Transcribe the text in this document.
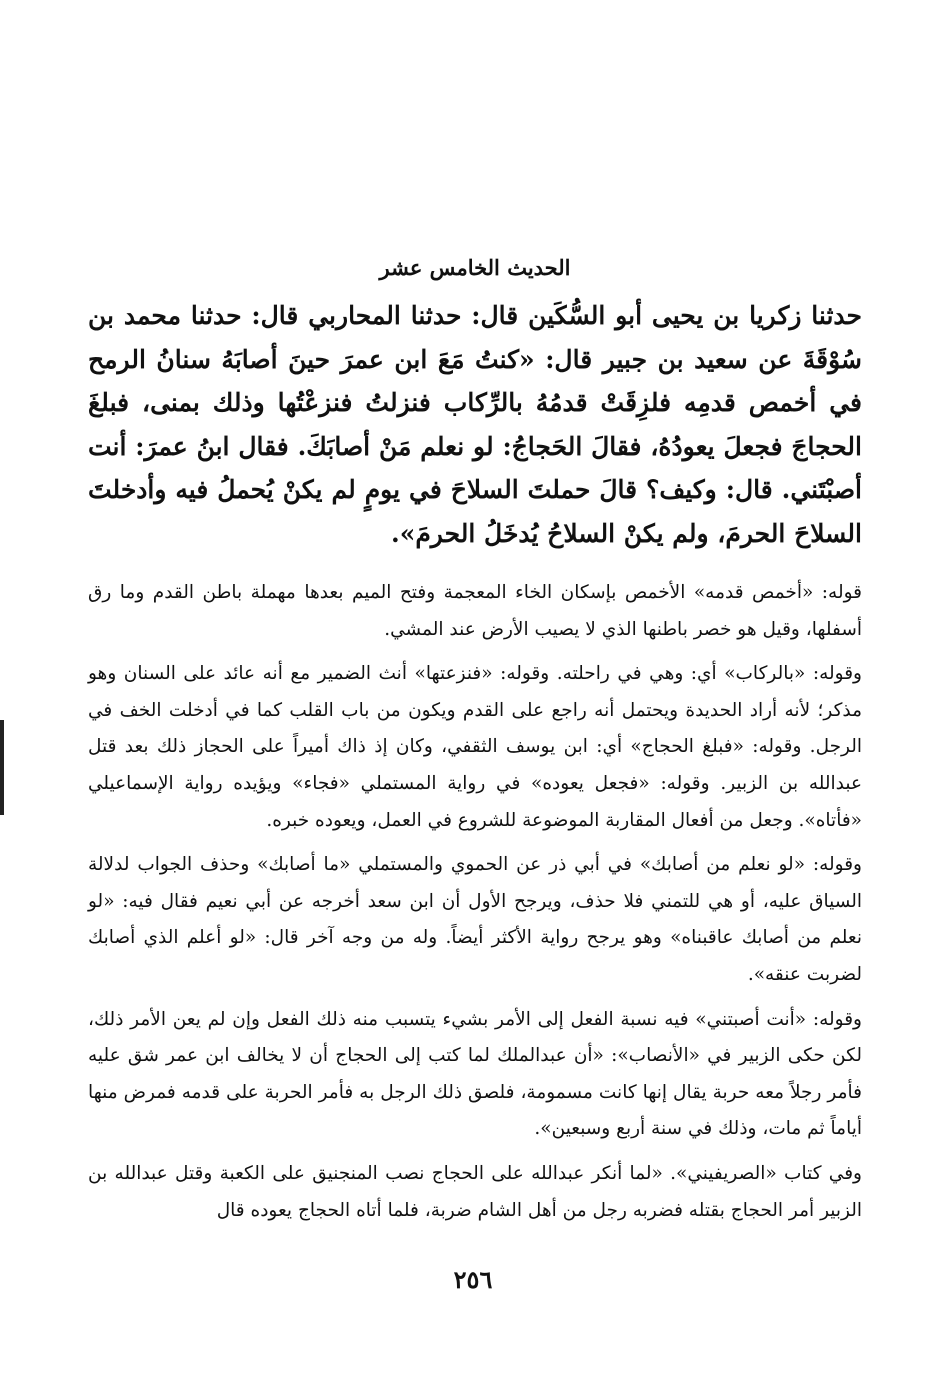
الحديث الخامس عشر

حدثنا زكريا بن يحيى أبو السُّكَين قال: حدثنا المحاربي قال: حدثنا محمد بن سُوْقَةَ عن سعيد بن جبير قال: «كنتُ مَعَ ابن عمرَ حينَ أصابَهُ سنانُ الرمح في أخمص قدمِه فلزِقَتْ قدمُهُ بالرِّكاب فنزلتُ فنزعْتُها وذلك بمنى، فبلغَ الحجاجَ فجعلَ يعودُهُ، فقالَ الحَجاجُ: لو نعلم مَنْ أصابَكَ. فقال ابنُ عمرَ: أنت أصبْتَني. قال: وكيف؟ قالَ حملتَ السلاحَ في يومٍ لم يكنْ يُحملُ فيه وأدخلتَ السلاحَ الحرمَ، ولم يكنْ السلاحُ يُدخَلُ الحرمَ».

قوله: «أخمص قدمه» الأخمص بإسكان الخاء المعجمة وفتح الميم بعدها مهملة باطن القدم وما رق أسفلها، وقيل هو خصر باطنها الذي لا يصيب الأرض عند المشي.

وقوله: «بالركاب» أي: وهي في راحلته. وقوله: «فنزعتها» أنث الضمير مع أنه عائد على السنان وهو مذكر؛ لأنه أراد الحديدة ويحتمل أنه راجع على القدم ويكون من باب القلب كما في أدخلت الخف في الرجل. وقوله: «فبلغ الحجاج» أي: ابن يوسف الثقفي، وكان إذ ذاك أميراً على الحجاز ذلك بعد قتل عبدالله بن الزبير. وقوله: «فجعل يعوده» في رواية المستملي «فجاء» ويؤيده رواية الإسماعيلي «فأتاه». وجعل من أفعال المقاربة الموضوعة للشروع في العمل، ويعوده خبره.

وقوله: «لو نعلم من أصابك» في أبي ذر عن الحموي والمستملي «ما أصابك» وحذف الجواب لدلالة السياق عليه، أو هي للتمني فلا حذف، ويرجح الأول أن ابن سعد أخرجه عن أبي نعيم فقال فيه: «لو نعلم من أصابك عاقبناه» وهو يرجح رواية الأكثر أيضاً. وله من وجه آخر قال: «لو أعلم الذي أصابك لضربت عنقه».

وقوله: «أنت أصبتني» فيه نسبة الفعل إلى الأمر بشيء يتسبب منه ذلك الفعل وإن لم يعن الأمر ذلك، لكن حكى الزبير في «الأنصاب»: «أن عبدالملك لما كتب إلى الحجاج أن لا يخالف ابن عمر شق عليه فأمر رجلاً معه حربة يقال إنها كانت مسمومة، فلصق ذلك الرجل به فأمر الحربة على قدمه فمرض منها أياماً ثم مات، وذلك في سنة أربع وسبعين».

وفي كتاب «الصريفيني». «لما أنكر عبدالله على الحجاج نصب المنجنيق على الكعبة وقتل عبدالله بن الزبير أمر الحجاج بقتله فضربه رجل من أهل الشام ضربة، فلما أتاه الحجاج يعوده قال

٢٥٦
